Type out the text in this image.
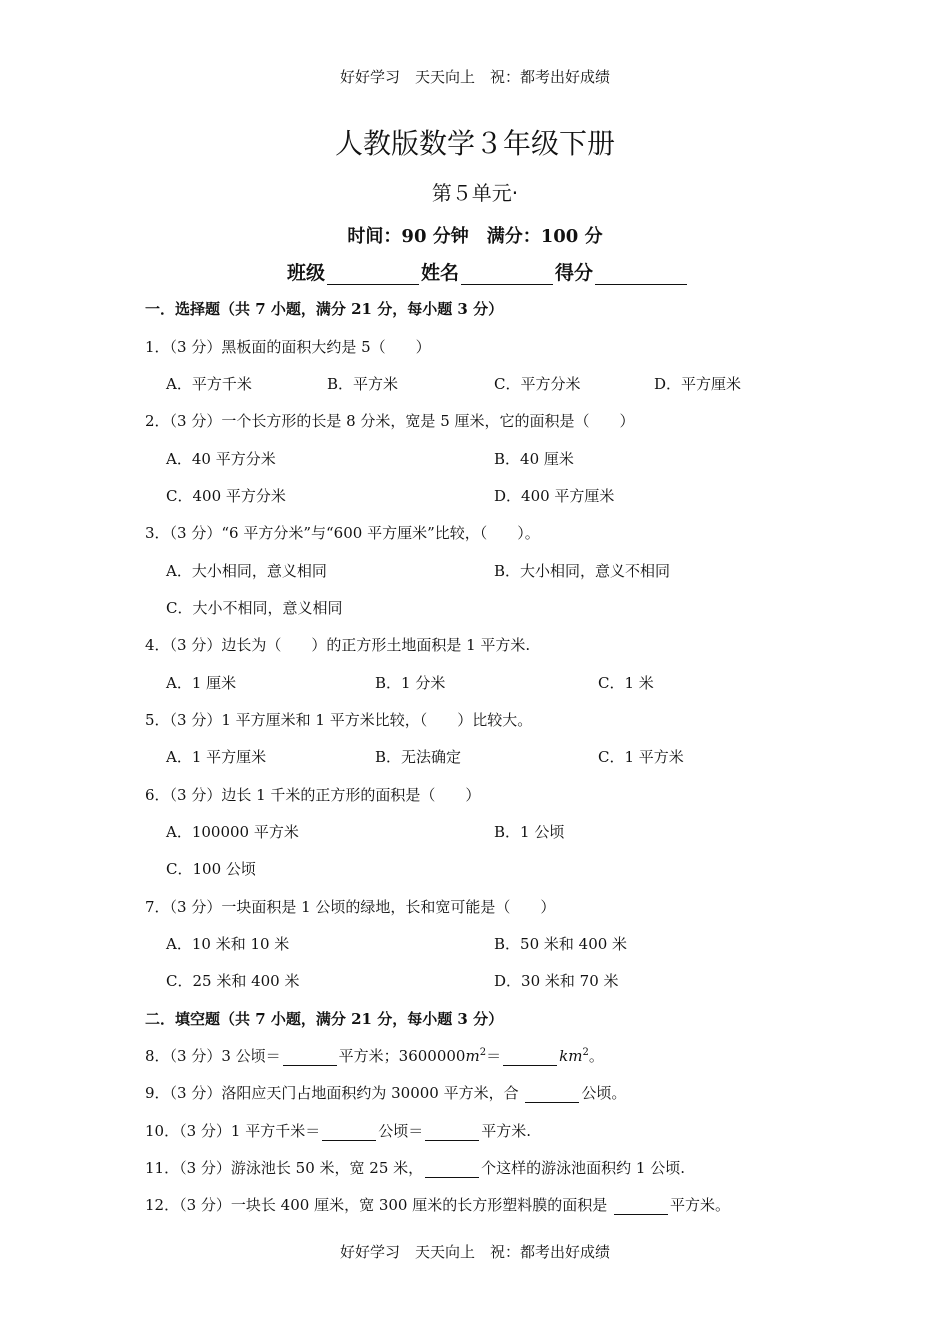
好好学习　天天向上　祝：都考出好成绩
人教版数学３年级下册
第５单元·
时间：90 分钟　满分：100 分
班级	姓名	得分
一．选择题（共 7 小题，满分 21 分，每小题 3 分）
1．（3 分）黑板面的面积大约是 5（　　）
A．平方千米	B．平方米	C．平方分米	D．平方厘米
2．（3 分）一个长方形的长是 8 分米，宽是 5 厘米，它的面积是（　　）
A．40 平方分米	B．40 厘米
C．400 平方分米	D．400 平方厘米
3．（3 分）“6 平方分米”与“600 平方厘米”比较，（　　）。
A．大小相同，意义相同	B．大小相同，意义不相同
C．大小不相同，意义相同
4．（3 分）边长为（　　）的正方形土地面积是 1 平方米.
A．1 厘米	B．1 分米	C．1 米
5．（3 分）1 平方厘米和 1 平方米比较，（　　）比较大。
A．1 平方厘米	B．无法确定	C．1 平方米
6．（3 分）边长 1 千米的正方形的面积是（　　）
A．100000 平方米	B．1 公顷
C．100 公顷
7．（3 分）一块面积是 1 公顷的绿地，长和宽可能是（　　）
A．10 米和 10 米	B．50 米和 400 米
C．25 米和 400 米	D．30 米和 70 米
二．填空题（共 7 小题，满分 21 分，每小题 3 分）
8．（3 分）3 公顷＝	平方米；$3600000m^2=$	$km^2$。
9．（3 分）洛阳应天门占地面积约为 30000 平方米，合	公顷。
10．（3 分）1 平方千米＝	公顷＝	平方米.
11．（3 分）游泳池长 50 米，宽 25 米，	个这样的游泳池面积约 1 公顷.
12．（3 分）一块长 400 厘米，宽 300 厘米的长方形塑料膜的面积是	平方米。
好好学习　天天向上　祝：都考出好成绩
